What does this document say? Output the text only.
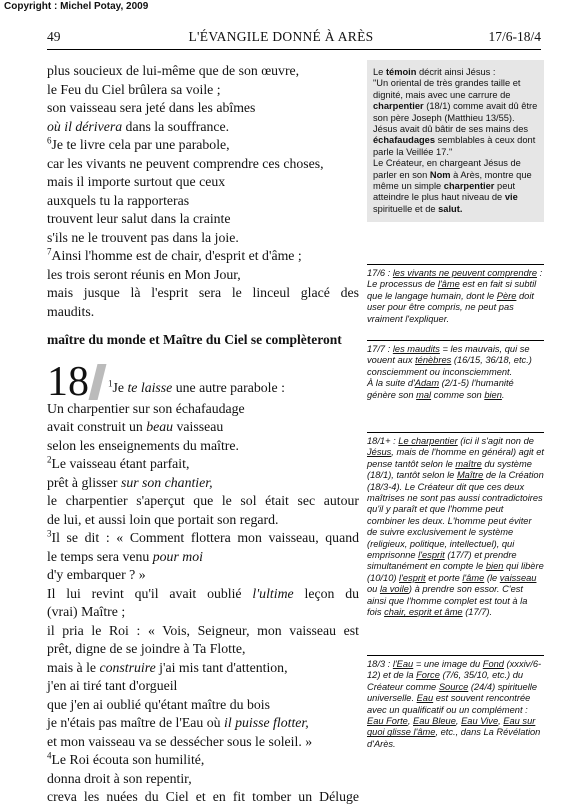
Copyright : Michel Potay, 2009
49	L'ÉVANGILE DONNÉ À ARÈS	17/6-18/4
plus soucieux de lui-même que de son œuvre,
le Feu du Ciel brûlera sa voile ;
son vaisseau sera jeté dans les abîmes
où il dérivera dans la souffrance.
$^6$Je te livre cela par une parabole,
car les vivants ne peuvent comprendre ces choses,
mais il importe surtout que ceux
auxquels tu la rapporteras
trouvent leur salut dans la crainte
s'ils ne le trouvent pas dans la joie.
$^7$Ainsi l'homme est de chair, d'esprit et d'âme ;
les trois seront réunis en Mon Jour,
mais jusque là l'esprit sera le linceul glacé des
maudits.
maître du monde et Maître du Ciel se complèteront
18 $^1$Je te laisse une autre parabole :
Un charpentier sur son échafaudage
avait construit un beau vaisseau
selon les enseignements du maître.
$^2$Le vaisseau étant parfait,
prêt à glisser sur son chantier,
le charpentier s'aperçut que le sol était sec autour
de lui, et aussi loin que portait son regard.
$^3$Il se dit : « Comment flottera mon vaisseau, quand
le temps sera venu pour moi
d'y embarquer ? »
Il lui revint qu'il avait oublié l'ultime leçon du
(vrai) Maître ;
il pria le Roi : « Vois, Seigneur, mon vaisseau est
prêt, digne de se joindre à Ta Flotte,
mais à le construire j'ai mis tant d'attention,
j'en ai tiré tant d'orgueil
que j'en ai oublié qu'étant maître du bois
je n'étais pas maître de l'Eau où il puisse flotter,
et mon vaisseau va se dessécher sous le soleil. »
$^4$Le Roi écouta son humilité,
donna droit à son repentir,
creva les nuées du Ciel et en fit tomber un Déluge
Le témoin décrit ainsi Jésus :
"Un oriental de très grandes taille et dignité, mais avec une carrure de charpentier (18/1) comme avait dû être son père Joseph (Matthieu 13/55). Jésus avait dû bâtir de ses mains des échafaudages semblables à ceux dont parle la Veillée 17."
Le Créateur, en chargeant Jésus de parler en son Nom à Arès, montre que même un simple charpentier peut atteindre le plus haut niveau de vie spirituelle et de salut.
17/6 : les vivants ne peuvent comprendre : Le processus de l'âme est en fait si subtil que le langage humain, dont le Père doit user pour être compris, ne peut pas vraiment l'expliquer.
17/7 : les maudits = les mauvais, qui se vouent aux ténèbres (16/15, 36/18, etc.) consciemment ou inconsciemment.
À la suite d'Adam (2/1-5) l'humanité génère son mal comme son bien.
18/1+ : Le charpentier (ici il s'agit non de Jésus, mais de l'homme en général) agit et pense tantôt selon le maître du système (18/1), tantôt selon le Maître de la Création (18/3-4). Le Créateur dit que ces deux maîtrises ne sont pas aussi contradictoires qu'il y paraît et que l'homme peut combiner les deux. L'homme peut éviter de suivre exclusivement le système (religieux, politique, intellectuel), qui emprisonne l'esprit (17/7) et prendre simultanément en compte le bien qui libère (10/10) l'esprit et porte l'âme (le vaisseau ou la voile) à prendre son essor. C'est ainsi que l'homme complet est tout à la fois chair, esprit et âme (17/7).
18/3 : l'Eau = une image du Fond (xxxiv/6-12) et de la Force (7/6, 35/10, etc.) du Créateur comme Source (24/4) spirituelle universelle. Eau est souvent rencontrée avec un qualificatif ou un complément : Eau Forte, Eau Bleue, Eau Vive, Eau sur quoi glisse l'âme, etc., dans La Révélation d'Arès.
